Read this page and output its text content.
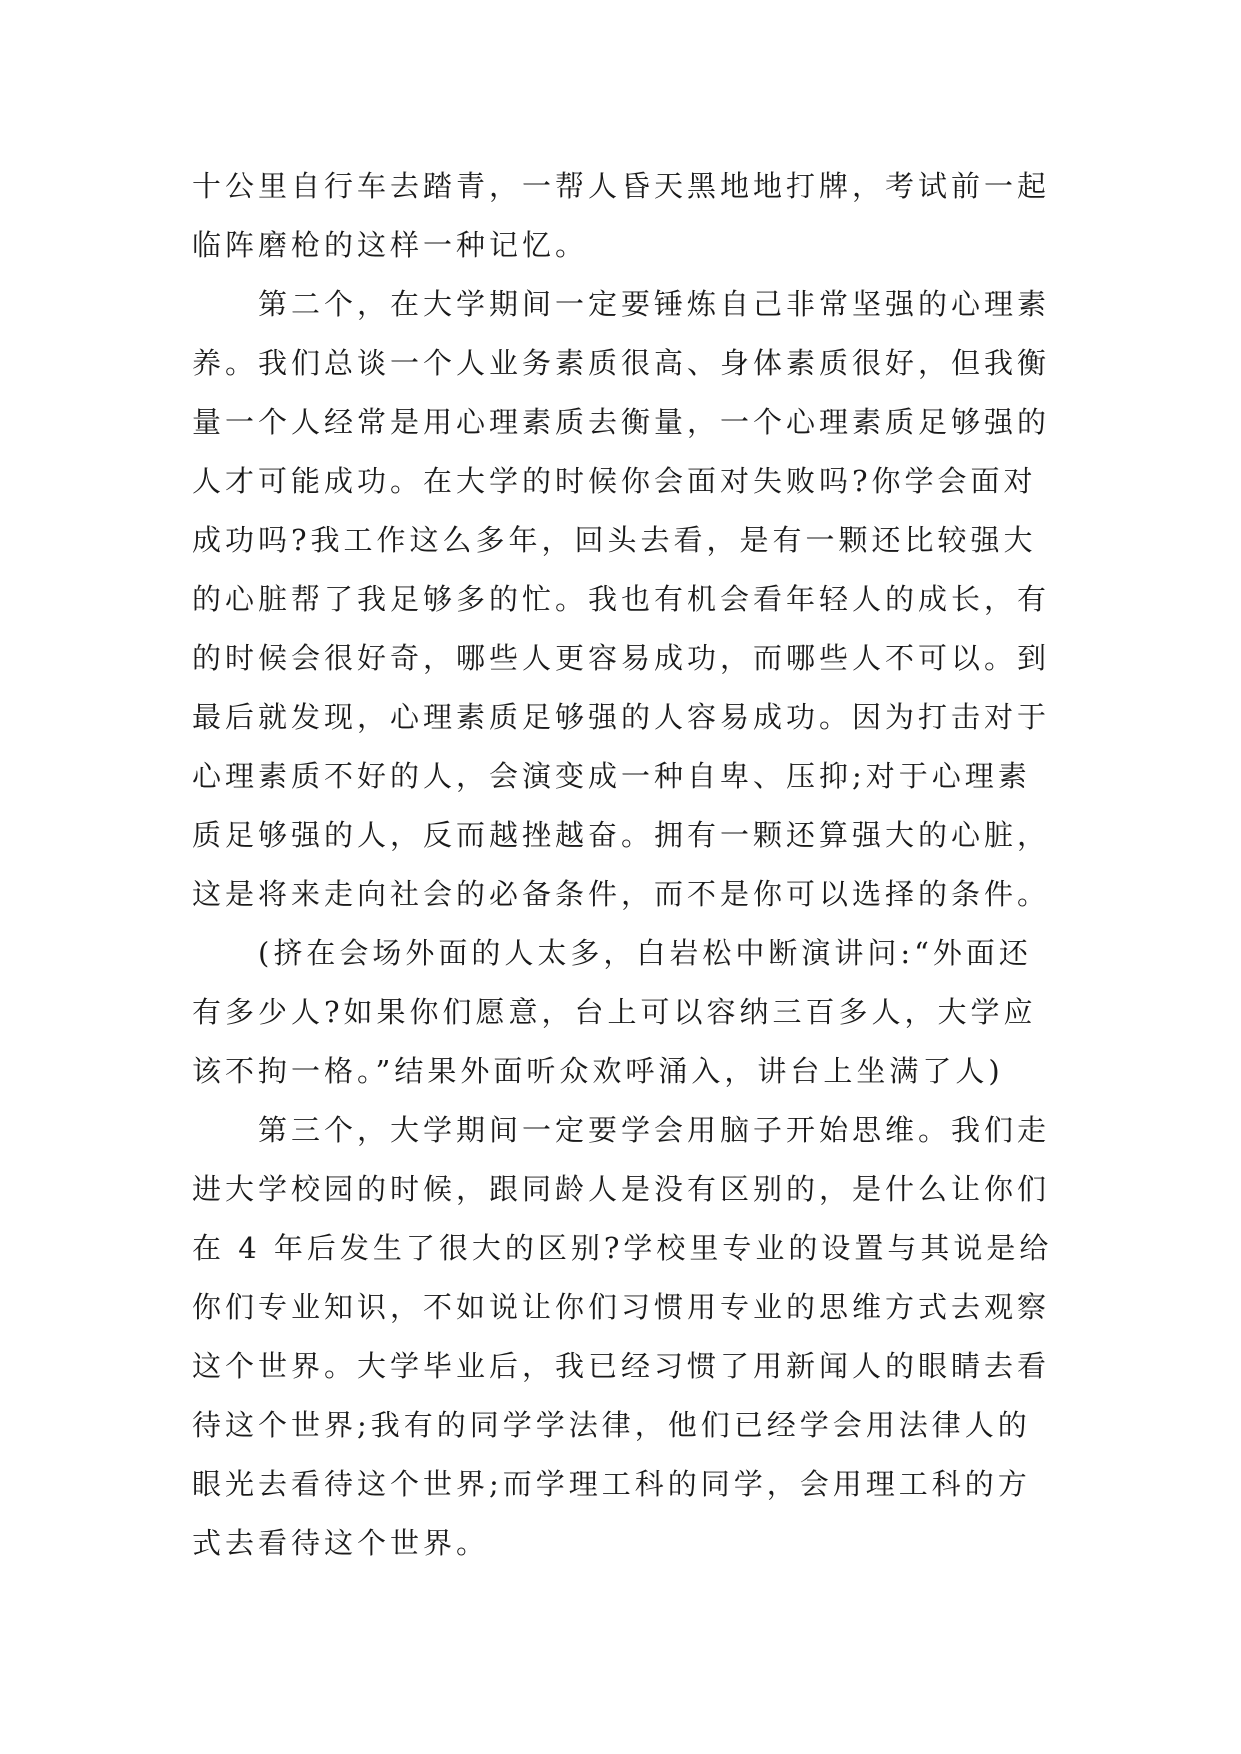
十公里自行车去踏青，一帮人昏天黑地地打牌，考试前一起
临阵磨枪的这样一种记忆。
　　第二个，在大学期间一定要锤炼自己非常坚强的心理素
养。我们总谈一个人业务素质很高、身体素质很好，但我衡
量一个人经常是用心理素质去衡量，一个心理素质足够强的
人才可能成功。在大学的时候你会面对失败吗?你学会面对
成功吗?我工作这么多年，回头去看，是有一颗还比较强大
的心脏帮了我足够多的忙。我也有机会看年轻人的成长，有
的时候会很好奇，哪些人更容易成功，而哪些人不可以。到
最后就发现，心理素质足够强的人容易成功。因为打击对于
心理素质不好的人，会演变成一种自卑、压抑;对于心理素
质足够强的人，反而越挫越奋。拥有一颗还算强大的心脏，
这是将来走向社会的必备条件，而不是你可以选择的条件。
　　(挤在会场外面的人太多，白岩松中断演讲问:“外面还
有多少人?如果你们愿意，台上可以容纳三百多人，大学应
该不拘一格。”结果外面听众欢呼涌入，讲台上坐满了人)
　　第三个，大学期间一定要学会用脑子开始思维。我们走
进大学校园的时候，跟同龄人是没有区别的，是什么让你们
在 4 年后发生了很大的区别?学校里专业的设置与其说是给
你们专业知识，不如说让你们习惯用专业的思维方式去观察
这个世界。大学毕业后，我已经习惯了用新闻人的眼睛去看
待这个世界;我有的同学学法律，他们已经学会用法律人的
眼光去看待这个世界;而学理工科的同学，会用理工科的方
式去看待这个世界。
